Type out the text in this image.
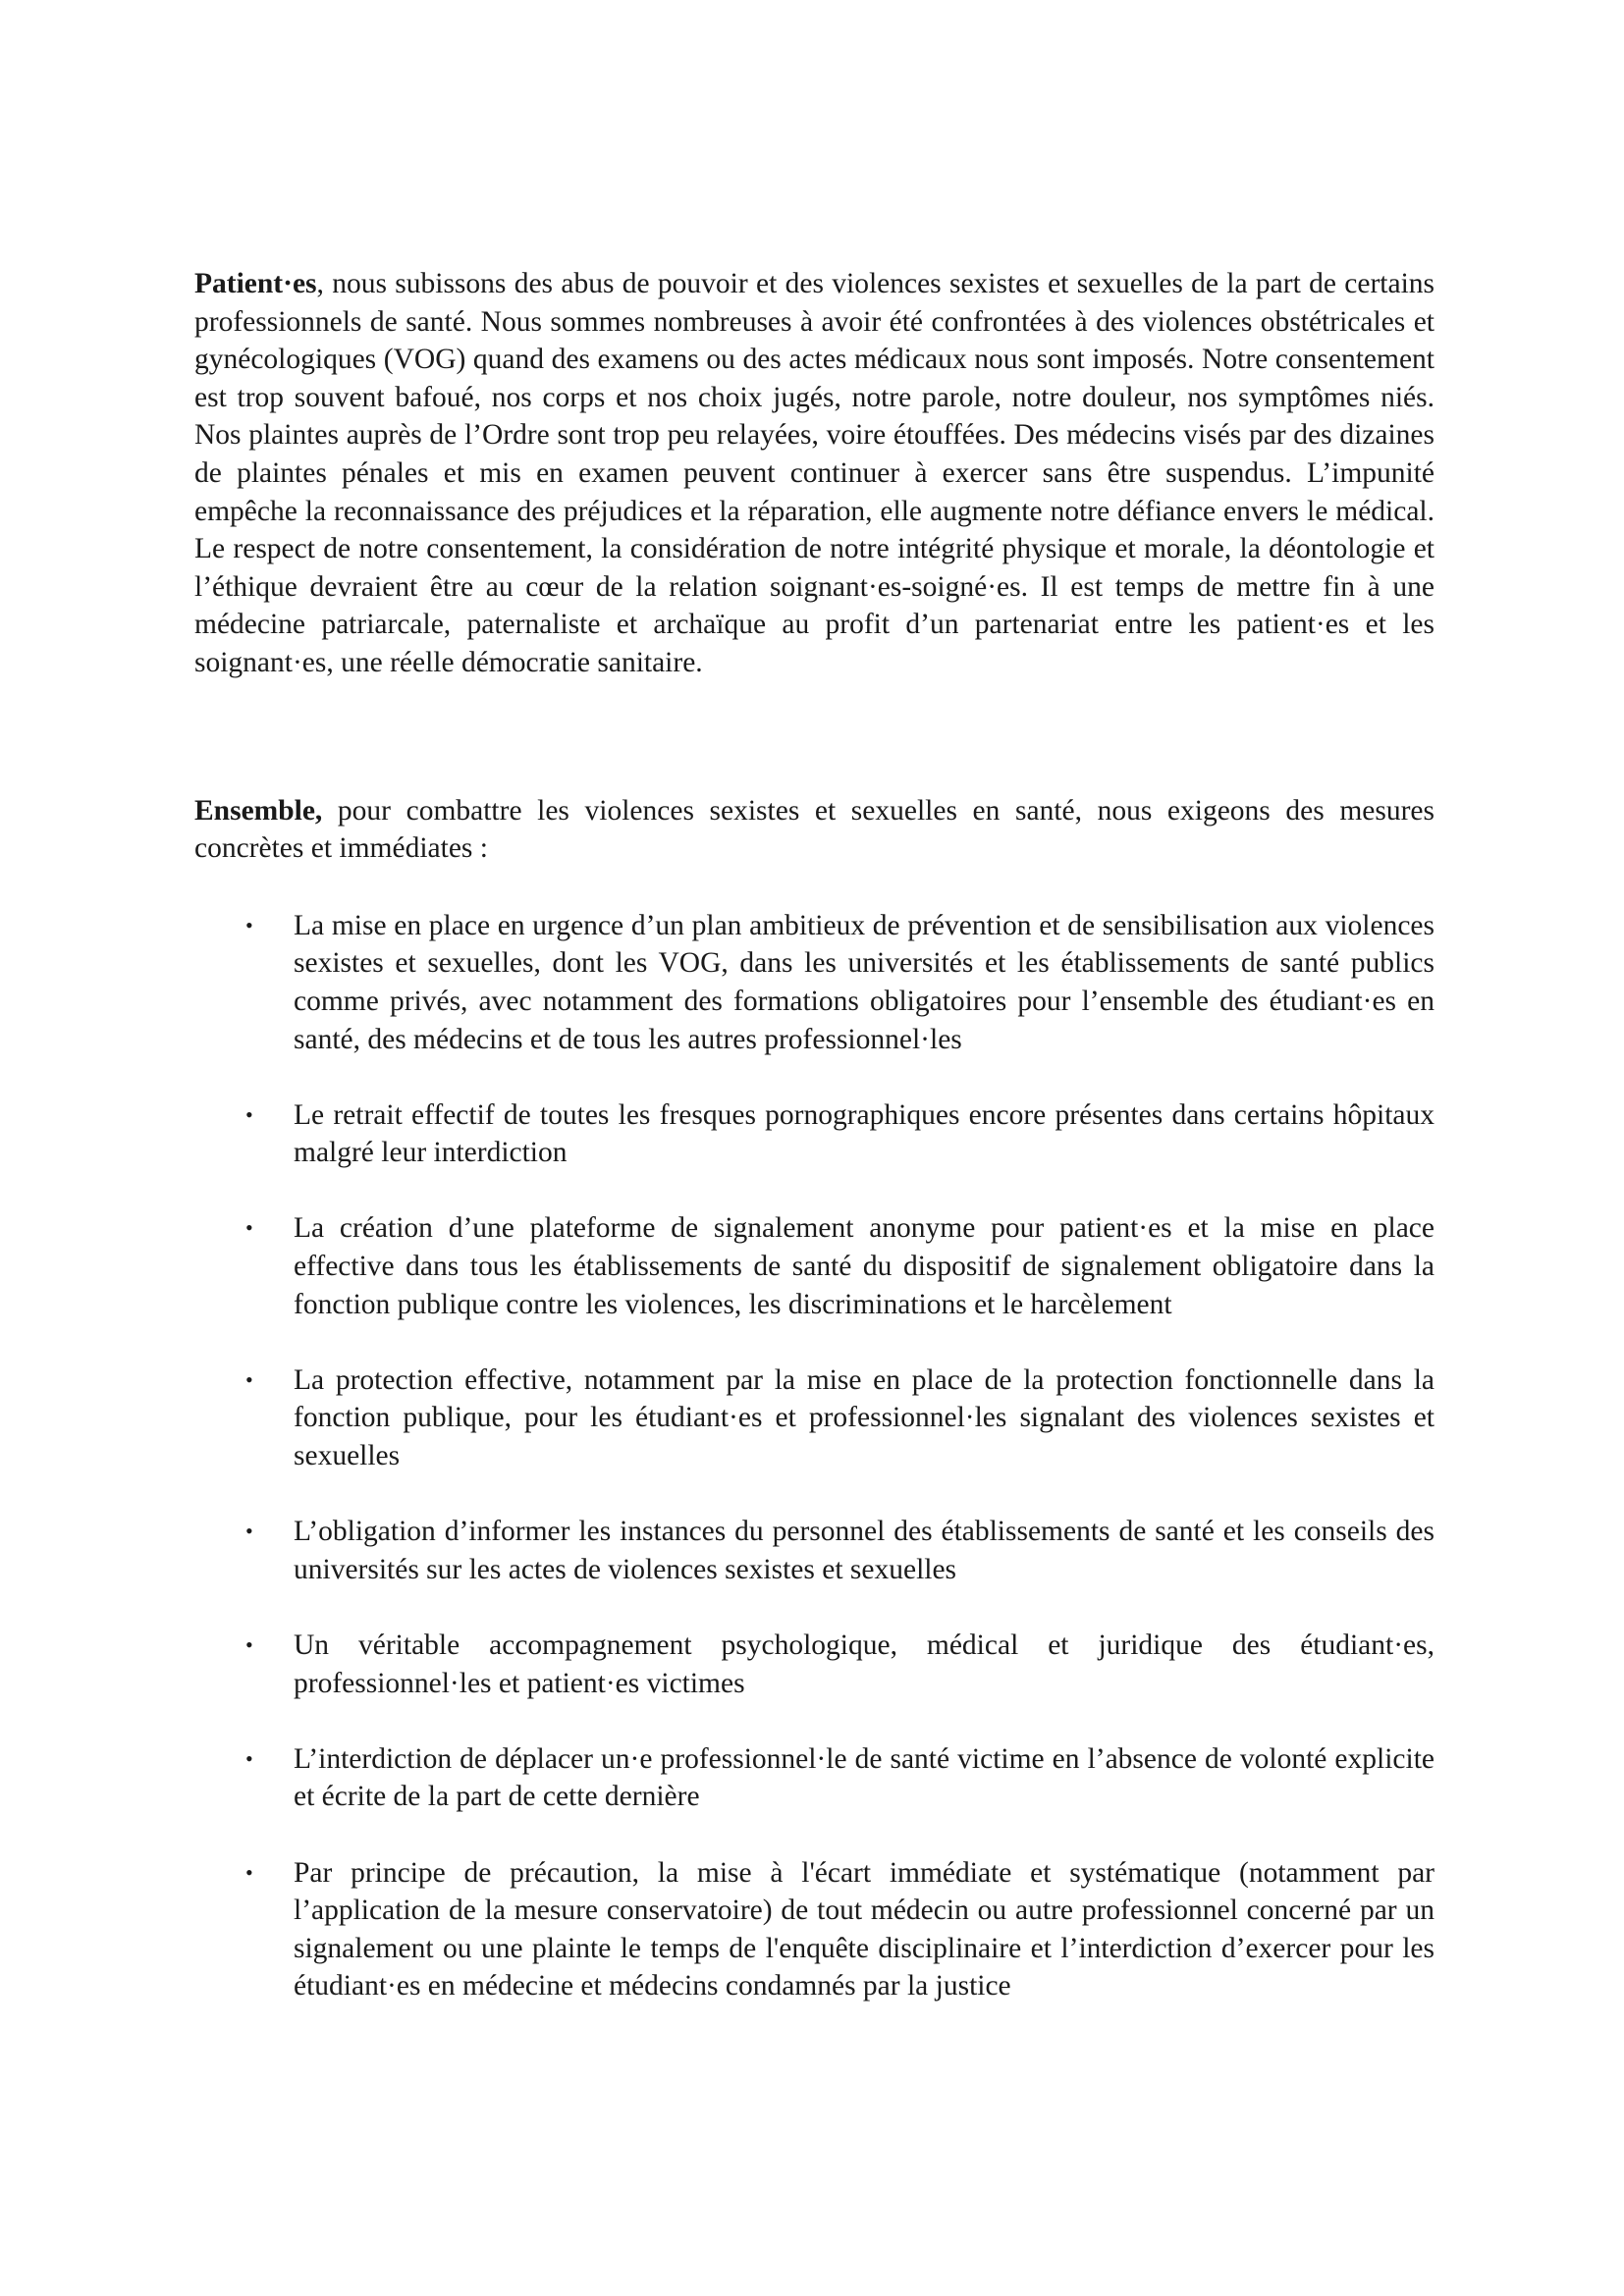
Patient·es, nous subissons des abus de pouvoir et des violences sexistes et sexuelles de la part de certains professionnels de santé. Nous sommes nombreuses à avoir été confrontées à des violences obstétricales et gynécologiques (VOG) quand des examens ou des actes médicaux nous sont imposés. Notre consentement est trop souvent bafoué, nos corps et nos choix jugés, notre parole, notre douleur, nos symptômes niés. Nos plaintes auprès de l’Ordre sont trop peu relayées, voire étouffées. Des médecins visés par des dizaines de plaintes pénales et mis en examen peuvent continuer à exercer sans être suspendus. L’impunité empêche la reconnaissance des préjudices et la réparation, elle augmente notre défiance envers le médical. Le respect de notre consentement, la considération de notre intégrité physique et morale, la déontologie et l’éthique devraient être au cœur de la relation soignant·es-soigné·es. Il est temps de mettre fin à une médecine patriarcale, paternaliste et archaïque au profit d’un partenariat entre les patient·es et les soignant·es, une réelle démocratie sanitaire.

Ensemble, pour combattre les violences sexistes et sexuelles en santé, nous exigeons des mesures concrètes et immédiates :

• La mise en place en urgence d’un plan ambitieux de prévention et de sensibilisation aux violences sexistes et sexuelles, dont les VOG, dans les universités et les établissements de santé publics comme privés, avec notamment des formations obligatoires pour l’ensemble des étudiant·es en santé, des médecins et de tous les autres professionnel·les
• Le retrait effectif de toutes les fresques pornographiques encore présentes dans certains hôpitaux malgré leur interdiction
• La création d’une plateforme de signalement anonyme pour patient·es et la mise en place effective dans tous les établissements de santé du dispositif de signalement obligatoire dans la fonction publique contre les violences, les discriminations et le harcèlement
• La protection effective, notamment par la mise en place de la protection fonctionnelle dans la fonction publique, pour les étudiant·es et professionnel·les signalant des violences sexistes et sexuelles
• L’obligation d’informer les instances du personnel des établissements de santé et les conseils des universités sur les actes de violences sexistes et sexuelles
• Un véritable accompagnement psychologique, médical et juridique des étudiant·es, professionnel·les et patient·es victimes
• L’interdiction de déplacer un·e professionnel·le de santé victime en l’absence de volonté explicite et écrite de la part de cette dernière
• Par principe de précaution, la mise à l'écart immédiate et systématique (notamment par l’application de la mesure conservatoire) de tout médecin ou autre professionnel concerné par un signalement ou une plainte le temps de l'enquête disciplinaire et l’interdiction d’exercer pour les étudiant·es en médecine et médecins condamnés par la justice
